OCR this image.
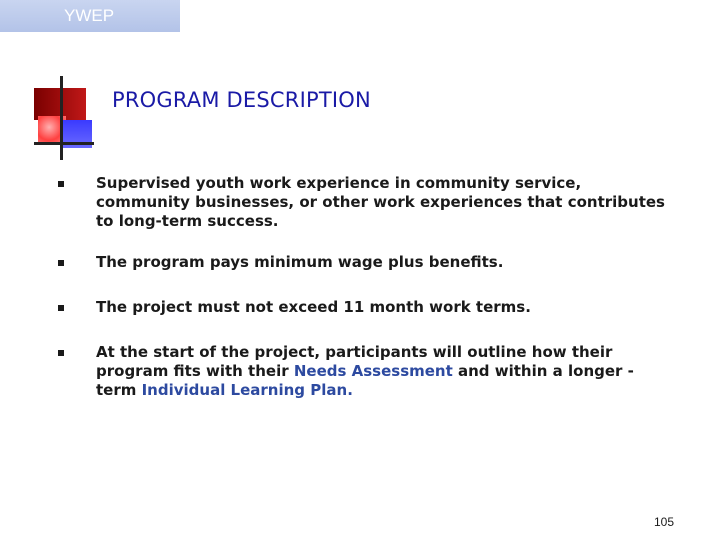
YWEP
PROGRAM DESCRIPTION
Supervised youth work experience in community service, community businesses, or other work experiences that contributes to long-term success.
The program pays minimum wage plus benefits.
The project must not exceed 11 month work terms.
At the start of the project, participants will outline how their program fits with their Needs Assessment and within a longer -term Individual Learning Plan.
105
